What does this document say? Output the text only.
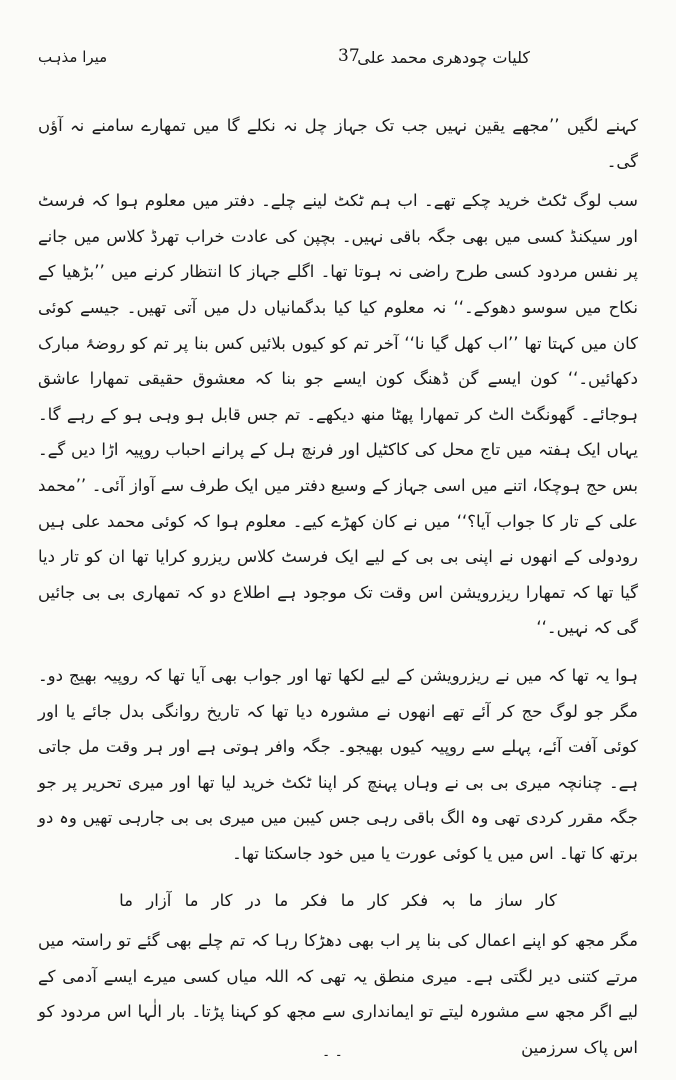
کلیات چودھری محمد علی
37
میرا مذہب

کہنے لگیں ’’مجھے یقین نہیں جب تک جہاز چل نہ نکلے گا میں تمھارے سامنے نہ آؤں گی۔

سب لوگ ٹکٹ خرید چکے تھے۔ اب ہم ٹکٹ لینے چلے۔ دفتر میں معلوم ہوا کہ فرسٹ اور سیکنڈ کسی میں بھی جگہ باقی نہیں۔ بچپن کی عادت خراب تھرڈ کلاس میں جانے پر نفس مردود کسی طرح راضی نہ ہوتا تھا۔ اگلے جہاز کا انتظار کرنے میں ’’بڑھیا کے نکاح میں سوسو دھوکے۔‘‘ نہ معلوم کیا کیا بدگمانیاں دل میں آتی تھیں۔ جیسے کوئی کان میں کہتا تھا ’’اب کھل گیا نا‘‘ آخر تم کو کیوں بلائیں کس بنا پر تم کو روضۂ مبارک دکھائیں۔‘‘ کون ایسے گن ڈھنگ کون ایسے جو بنا کہ معشوق حقیقی تمھارا عاشق ہوجائے۔ گھونگٹ الٹ کر تمھارا پھٹا منھ دیکھے۔ تم جس قابل ہو وہی ہو کے رہے گا۔ یہاں ایک ہفتہ میں تاج محل کی کاکٹیل اور فرنچ ہل کے پرانے احباب روپیہ اڑا دیں گے۔ بس حج ہوچکا، اتنے میں اسی جہاز کے وسیع دفتر میں ایک طرف سے آواز آئی۔ ’’محمد علی کے تار کا جواب آیا؟‘‘ میں نے کان کھڑے کیے۔ معلوم ہوا کہ کوئی محمد علی ہیں رودولی کے انھوں نے اپنی بی بی کے لیے ایک فرسٹ کلاس ریزرو کرایا تھا ان کو تار دیا گیا تھا کہ تمھارا ریزرویشن اس وقت تک موجود ہے اطلاع دو کہ تمھاری بی بی جائیں گی کہ نہیں۔‘‘

ہوا یہ تھا کہ میں نے ریزرویشن کے لیے لکھا تھا اور جواب بھی آیا تھا کہ روپیہ بھیج دو۔ مگر جو لوگ حج کر آئے تھے انھوں نے مشورہ دیا تھا کہ تاریخ روانگی بدل جائے یا اور کوئی آفت آئے، پہلے سے روپیہ کیوں بھیجو۔ جگہ وافر ہوتی ہے اور ہر وقت مل جاتی ہے۔ چنانچہ میری بی بی نے وہاں پہنچ کر اپنا ٹکٹ خرید لیا تھا اور میری تحریر پر جو جگہ مقرر کردی تھی وہ الگ باقی رہی جس کیبن میں میری بی بی جارہی تھیں وہ دو برتھ کا تھا۔ اس میں یا کوئی عورت یا میں خود جاسکتا تھا۔

کار ساز ما بہ فکر کار ما فکر ما در کار ما آزار ما

مگر مجھ کو اپنے اعمال کی بنا پر اب بھی دھڑکا رہا کہ تم چلے بھی گئے تو راستہ میں مرتے کتنی دیر لگتی ہے۔ میری منطق یہ تھی کہ اللہ میاں کسی میرے ایسے آدمی کے لیے اگر مجھ سے مشورہ لیتے تو ایمانداری سے مجھ کو کہنا پڑتا۔ بار الٰہا اس مردود کو اس پاک سرزمین

۔ ۔
